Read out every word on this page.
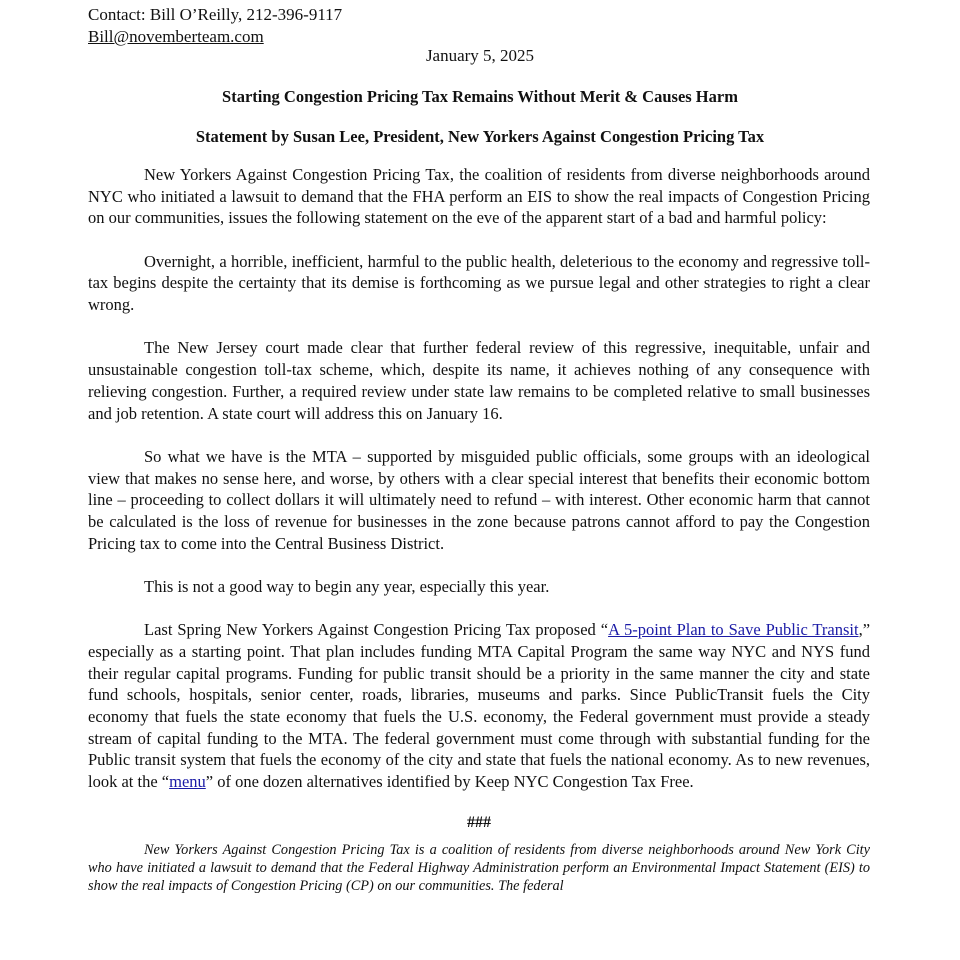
Contact: Bill O’Reilly, 212-396-9117
Bill@novemberteam.com
January 5, 2025
Starting Congestion Pricing Tax Remains Without Merit & Causes Harm
Statement by Susan Lee, President, New Yorkers Against Congestion Pricing Tax

New Yorkers Against Congestion Pricing Tax, the coalition of residents from diverse neighborhoods around NYC who initiated a lawsuit to demand that the FHA perform an EIS to show the real impacts of Congestion Pricing on our communities, issues the following statement on the eve of the apparent start of a bad and harmful policy:

Overnight, a horrible, inefficient, harmful to the public health, deleterious to the economy and regressive toll-tax begins despite the certainty that its demise is forthcoming as we pursue legal and other strategies to right a clear wrong.

The New Jersey court made clear that further federal review of this regressive, inequitable, unfair and unsustainable congestion toll-tax scheme, which, despite its name, it achieves nothing of any consequence with relieving congestion. Further, a required review under state law remains to be completed relative to small businesses and job retention. A state court will address this on January 16.

So what we have is the MTA – supported by misguided public officials, some groups with an ideological view that makes no sense here, and worse, by others with a clear special interest that benefits their economic bottom line – proceeding to collect dollars it will ultimately need to refund – with interest. Other economic harm that cannot be calculated is the loss of revenue for businesses in the zone because patrons cannot afford to pay the Congestion Pricing tax to come into the Central Business District.

This is not a good way to begin any year, especially this year.

Last Spring New Yorkers Against Congestion Pricing Tax proposed “A 5-point Plan to Save Public Transit,” especially as a starting point. That plan includes funding MTA Capital Program the same way NYC and NYS fund their regular capital programs. Funding for public transit should be a priority in the same manner the city and state fund schools, hospitals, senior center, roads, libraries, museums and parks. Since PublicTransit fuels the City economy that fuels the state economy that fuels the U.S. economy, the Federal government must provide a steady stream of capital funding to the MTA. The federal government must come through with substantial funding for the Public transit system that fuels the economy of the city and state that fuels the national economy. As to new revenues, look at the “menu” of one dozen alternatives identified by Keep NYC Congestion Tax Free.

###

New Yorkers Against Congestion Pricing Tax is a coalition of residents from diverse neighborhoods around New York City who have initiated a lawsuit to demand that the Federal Highway Administration perform an Environmental Impact Statement (EIS) to show the real impacts of Congestion Pricing (CP) on our communities. The federal
